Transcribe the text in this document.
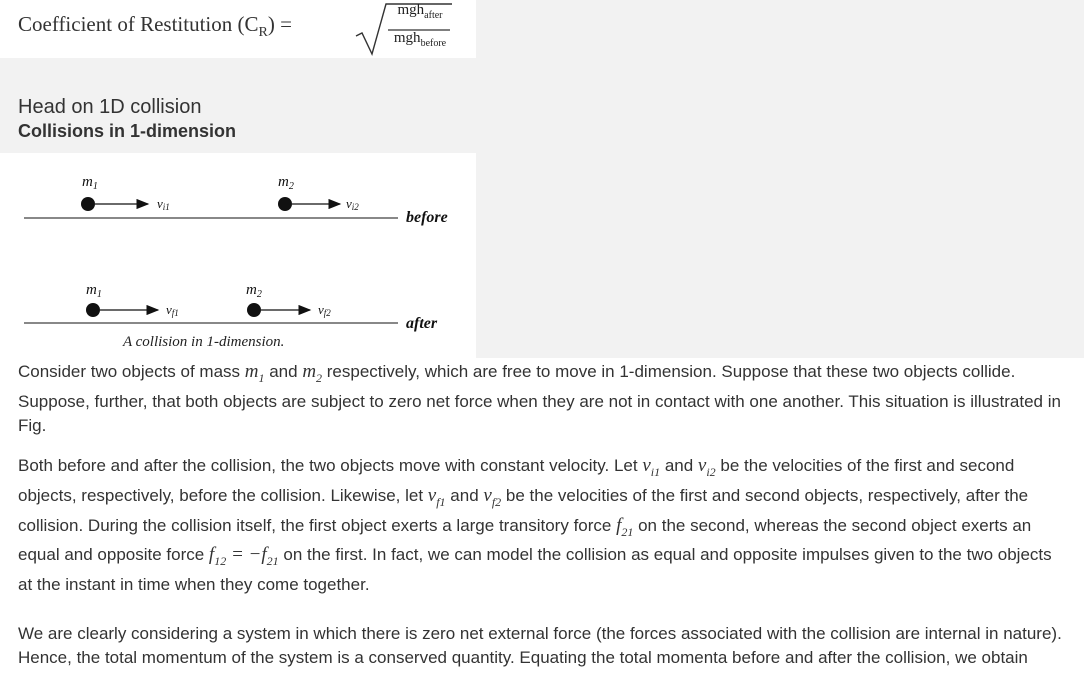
Coefficient of Restitution $(C_R)$ =
mgh$_{after}$
mgh$_{before}$
Head on 1D collision
Collisions in 1-dimension
$m_1$
vi1
$m_2$
vi2
before
$m_1$
vf1
$m_2$
vf2
after
A collision in 1-dimension.

Consider two objects of mass $m_1$ and $m_2$ respectively, which are free to move in 1-dimension. Suppose that these two objects collide. Suppose, further, that both objects are subject to zero net force when they are not in contact with one another. This situation is illustrated in Fig.

Both before and after the collision, the two objects move with constant velocity. Let $v_{i1}$ and $v_{i2}$ be the velocities of the first and second objects, respectively, before the collision. Likewise, let $v_{f1}$ and $v_{f2}$ be the velocities of the first and second objects, respectively, after the collision. During the collision itself, the first object exerts a large transitory force $f_{21}$ on the second, whereas the second object exerts an equal and opposite force $f_{12} = -f_{21}$ on the first. In fact, we can model the collision as equal and opposite impulses given to the two objects at the instant in time when they come together.

We are clearly considering a system in which there is zero net external force (the forces associated with the collision are internal in nature). Hence, the total momentum of the system is a conserved quantity. Equating the total momenta before and after the collision, we obtain
